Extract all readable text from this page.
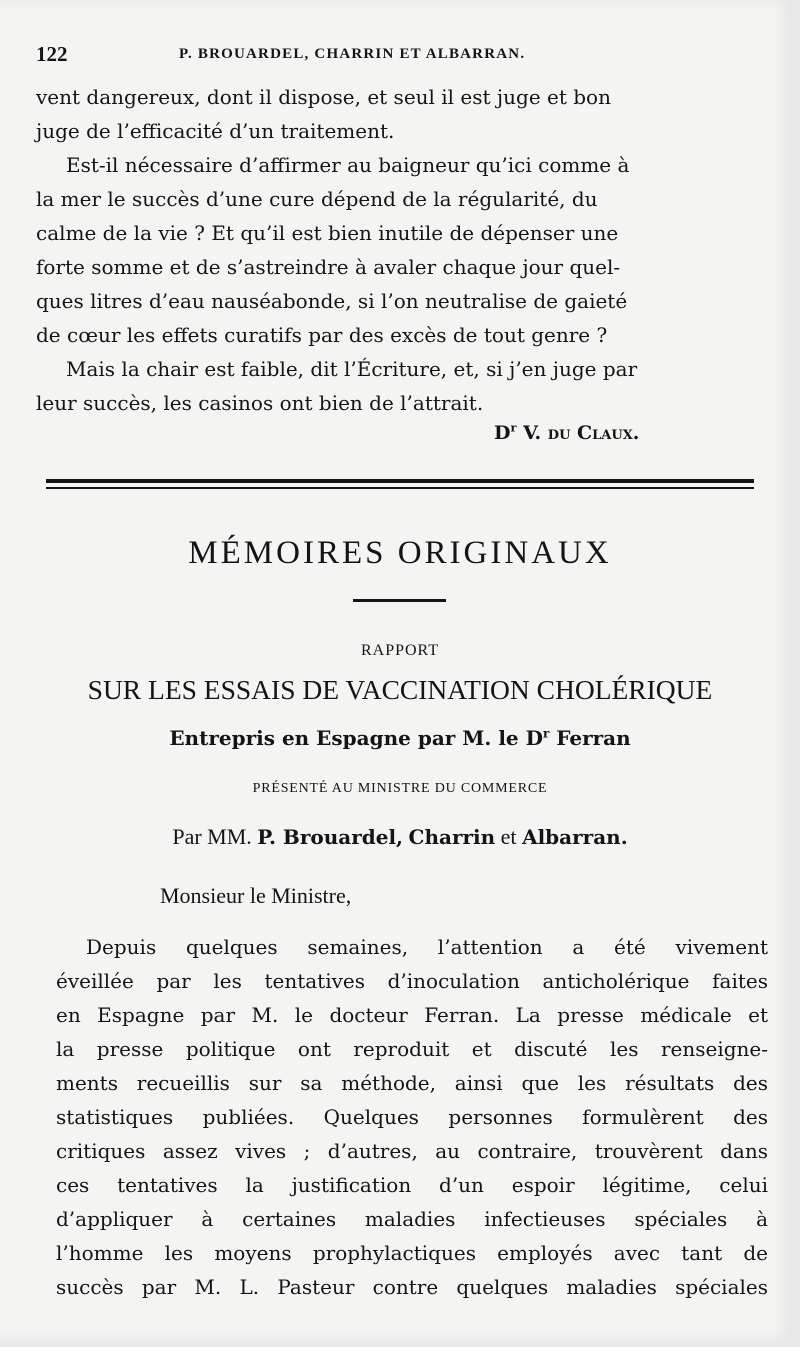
122	P. BROUARDEL, CHARRIN ET ALBARRAN.
vent dangereux, dont il dispose, et seul il est juge et bon
juge de l’efficacité d’un traitement.
Est-il nécessaire d’affirmer au baigneur qu’ici comme à
la mer le succès d’une cure dépend de la régularité, du
calme de la vie ? Et qu’il est bien inutile de dépenser une
forte somme et de s’astreindre à avaler chaque jour quel-
ques litres d’eau nauséabonde, si l’on neutralise de gaieté
de cœur les effets curatifs par des excès de tout genre ?
Mais la chair est faible, dit l’Écriture, et, si j’en juge par
leur succès, les casinos ont bien de l’attrait.
$D^r$ V. du Claux.
MÉMOIRES ORIGINAUX
RAPPORT
SUR LES ESSAIS DE VACCINATION CHOLÉRIQUE
Entrepris en Espagne par M. le $D^r$ Ferran
PRÉSENTÉ AU MINISTRE DU COMMERCE
Par MM. P. Brouardel, Charrin et Albarran.
Monsieur le Ministre,
Depuis quelques semaines, l’attention a été vivement
éveillée par les tentatives d’inoculation anticholérique faites
en Espagne par M. le docteur Ferran. La presse médicale et
la presse politique ont reproduit et discuté les renseigne-
ments recueillis sur sa méthode, ainsi que les résultats des
statistiques publiées. Quelques personnes formulèrent des
critiques assez vives ; d’autres, au contraire, trouvèrent dans
ces tentatives la justification d’un espoir légitime, celui
d’appliquer à certaines maladies infectieuses spéciales à
l’homme les moyens prophylactiques employés avec tant de
succès par M. L. Pasteur contre quelques maladies spéciales
